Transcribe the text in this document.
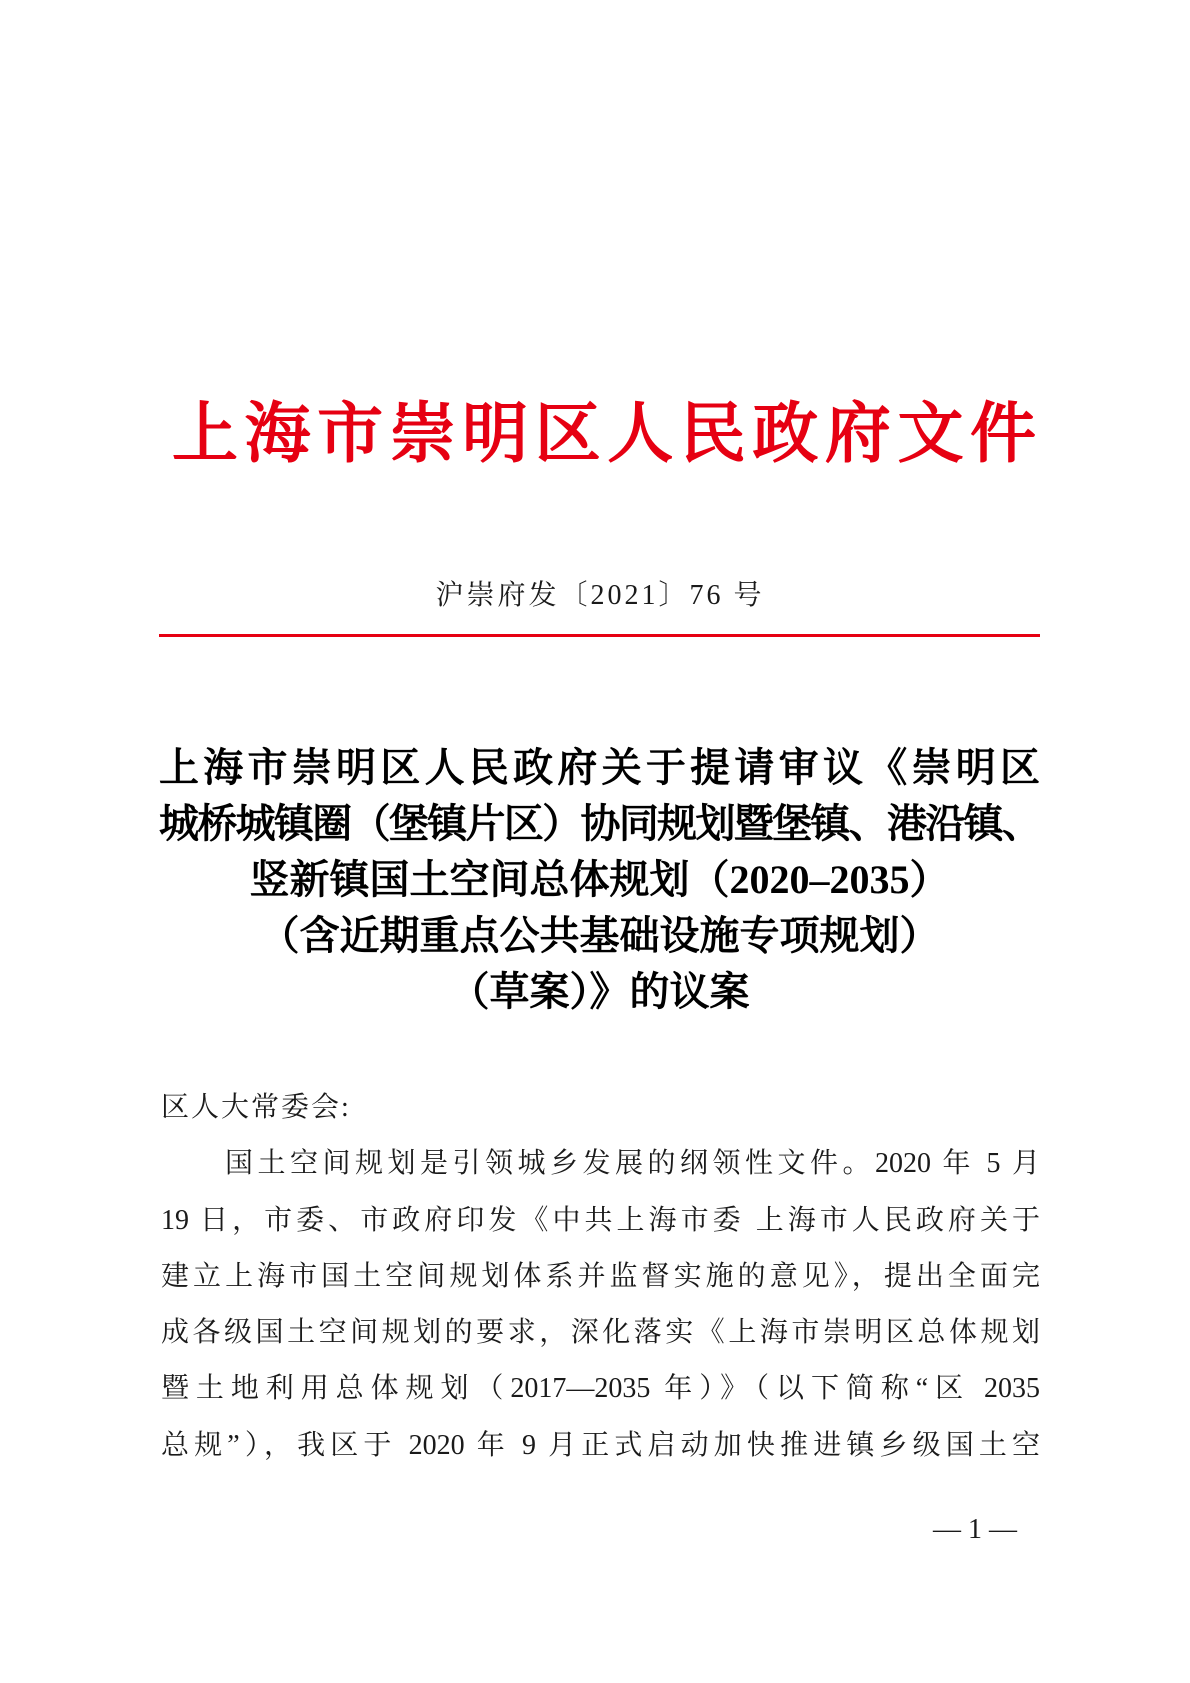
上海市崇明区人民政府文件
沪崇府发〔2021〕76 号
上海市崇明区人民政府关于提请审议《崇明区
城桥城镇圈（堡镇片区）协同规划暨堡镇、港沿镇、
竖新镇国土空间总体规划（2020–2035）
（含近期重点公共基础设施专项规划）
（草案）》的议案
区人大常委会:
国土空间规划是引领城乡发展的纲领性文件。2020 年 5 月
19 日，市委、市政府印发《中共上海市委 上海市人民政府关于
建立上海市国土空间规划体系并监督实施的意见》，提出全面完
成各级国土空间规划的要求，深化落实《上海市崇明区总体规划
暨土地利用总体规划（2017—2035 年）》（以下简称“区 2035
总规”），我区于 2020 年 9 月正式启动加快推进镇乡级国土空
— 1 —
